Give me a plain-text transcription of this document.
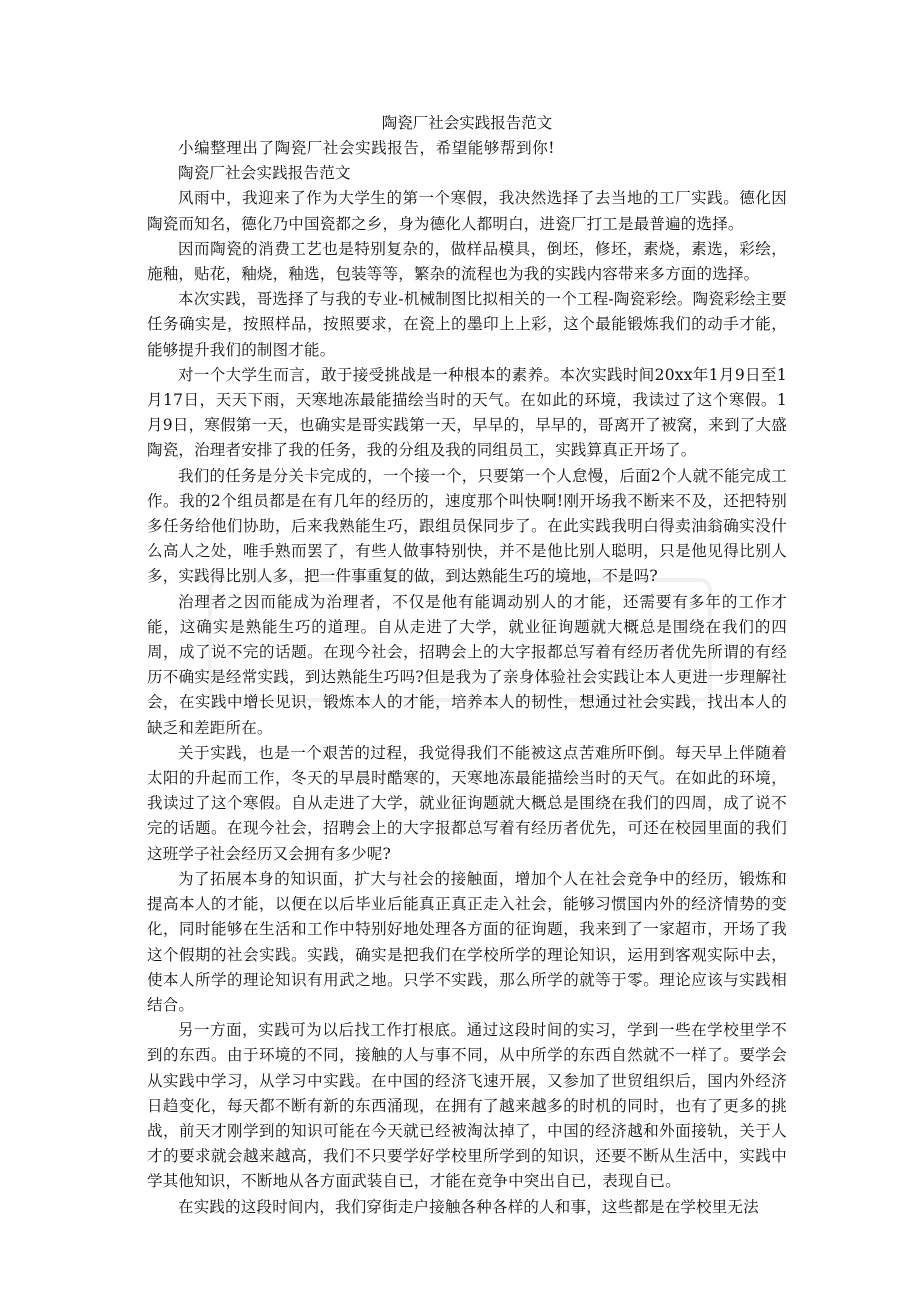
陶瓷厂社会实践报告范文

小编整理出了陶瓷厂社会实践报告，希望能够帮到你!

陶瓷厂社会实践报告范文

风雨中，我迎来了作为大学生的第一个寒假，我决然选择了去当地的工厂实践。德化因陶瓷而知名，德化乃中国瓷都之乡，身为德化人都明白，进瓷厂打工是最普遍的选择。

因而陶瓷的消费工艺也是特别复杂的，做样品模具，倒坯，修坯，素烧，素选，彩绘，施釉，贴花，釉烧，釉选，包装等等，繁杂的流程也为我的实践内容带来多方面的选择。

本次实践，哥选择了与我的专业-机械制图比拟相关的一个工程-陶瓷彩绘。陶瓷彩绘主要任务确实是，按照样品，按照要求，在瓷上的墨印上上彩，这个最能锻炼我们的动手才能，能够提升我们的制图才能。

对一个大学生而言，敢于接受挑战是一种根本的素养。本次实践时间20xx年1月9日至1月17日，天天下雨，天寒地冻最能描绘当时的天气。在如此的环境，我读过了这个寒假。1月9日，寒假第一天，也确实是哥实践第一天，早早的，早早的，哥离开了被窝，来到了大盛陶瓷，治理者安排了我的任务，我的分组及我的同组员工，实践算真正开场了。

我们的任务是分关卡完成的，一个接一个，只要第一个人怠慢，后面2个人就不能完成工作。我的2个组员都是在有几年的经历的，速度那个叫快啊!刚开场我不断来不及，还把特别多任务给他们协助，后来我熟能生巧，跟组员保同步了。在此实践我明白得卖油翁确实没什么高人之处，唯手熟而罢了，有些人做事特别快，并不是他比别人聪明，只是他见得比别人多，实践得比别人多，把一件事重复的做，到达熟能生巧的境地，不是吗?

治理者之因而能成为治理者，不仅是他有能调动别人的才能，还需要有多年的工作才能，这确实是熟能生巧的道理。自从走进了大学，就业征询题就大概总是围绕在我们的四周，成了说不完的话题。在现今社会，招聘会上的大字报都总写着有经历者优先所谓的有经历不确实是经常实践，到达熟能生巧吗?但是我为了亲身体验社会实践让本人更进一步理解社会，在实践中增长见识，锻炼本人的才能，培养本人的韧性，想通过社会实践，找出本人的缺乏和差距所在。

关于实践，也是一个艰苦的过程，我觉得我们不能被这点苦难所吓倒。每天早上伴随着太阳的升起而工作，冬天的早晨时酷寒的，天寒地冻最能描绘当时的天气。在如此的环境，我读过了这个寒假。自从走进了大学，就业征询题就大概总是围绕在我们的四周，成了说不完的话题。在现今社会，招聘会上的大字报都总写着有经历者优先，可还在校园里面的我们这班学子社会经历又会拥有多少呢?

为了拓展本身的知识面，扩大与社会的接触面，增加个人在社会竞争中的经历，锻炼和提高本人的才能，以便在以后毕业后能真正真正走入社会，能够习惯国内外的经济情势的变化，同时能够在生活和工作中特别好地处理各方面的征询题，我来到了一家超市，开场了我这个假期的社会实践。实践，确实是把我们在学校所学的理论知识，运用到客观实际中去，使本人所学的理论知识有用武之地。只学不实践，那么所学的就等于零。理论应该与实践相结合。

另一方面，实践可为以后找工作打根底。通过这段时间的实习，学到一些在学校里学不到的东西。由于环境的不同，接触的人与事不同，从中所学的东西自然就不一样了。要学会从实践中学习，从学习中实践。在中国的经济飞速开展，又参加了世贸组织后，国内外经济日趋变化，每天都不断有新的东西涌现，在拥有了越来越多的时机的同时，也有了更多的挑战，前天才刚学到的知识可能在今天就已经被淘汰掉了，中国的经济越和外面接轨，关于人才的要求就会越来越高，我们不只要学好学校里所学到的知识，还要不断从生活中，实践中学其他知识，不断地从各方面武装自已，才能在竞争中突出自已，表现自已。

在实践的这段时间内，我们穿街走户接触各种各样的人和事，这些都是在学校里无法
